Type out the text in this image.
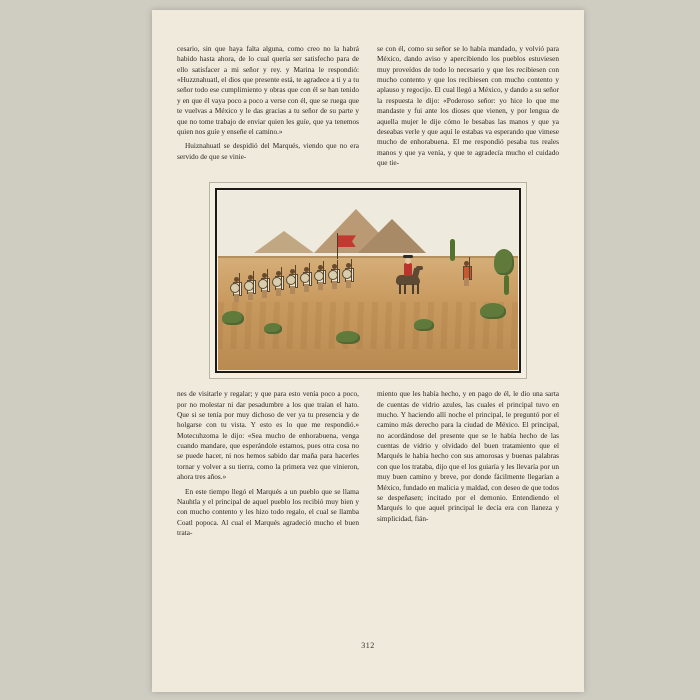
cesario, sin que haya falta alguna, como creo no la habrá habido hasta ahora, de lo cual quería ser satisfecho para de ello satisfacer a mi señor y rey. y Marina le respondió: «Huzznahuatl, el dios que presente está, te agradece a ti y a tu señor todo ese cumplimiento y obras que con él se han tenido y en que él vaya poco a poco a verse con él, que se ruega que te vuelvas a México y le das gracias a tu señor de su parte y que no tome trabajo de enviar quien les guíe, que ya tenemos quien nos guíe y enseñe el camino.»

Huiznahuatl se despidió del Marqués, viendo que no era servido de que se vinie-

se con él, como su señor se lo había mandado, y volvió para México, dando aviso y apercibiendo los pueblos estuviesen muy proveídos de todo lo necesario y que les recibiesen con mucho contento y que los recibiesen con mucho contento y aplauso y regocijo. El cual llegó a México, y dando a su señor la respuesta le dijo: «Poderoso señor: yo hice lo que me mandaste y fui ante los dioses que vienen, y por lengua de aquella mujer le dije cómo le besabas las manos y que ya deseabas verle y que aquí le estabas va esperando que vimese mucho de enhorabuena. El me respondió pesaba tus reales manos y que ya venía, y que te agradecía mucho el cuidado que tie-

nes de visitarle y regalar; y que para esto venía poco a poco, por no molestar ni dar pesadumbre a los que traían el hato. Que si se tenía por muy dichoso de ver ya tu presencia y de holgarse con tu vista. Y esto es lo que me respondió.» Motecuhzoma le dijo: «Sea mucho de enhorabuena, venga cuando mandare, que esperándole estamos, pues otra cosa no se puede hacer, ni nos hemos sabido dar maña para hacerles tornar y volver a su tierra, como la primera vez que vinieron, ahora tres años.»

En este tiempo llegó el Marqués a un pueblo que se llama Nauhtla y el principal de aquel pueblo los recibió muy bien y con mucho contento y les hizo todo regalo, el cual se llamba Coatl popoca. Al cual el Marqués agradeció mucho el buen trata-

miento que les había hecho, y en pago de él, le dio una sarta de cuentas de vidrio azules, las cuales el principal tuvo en mucho. Y haciendo allí noche el principal, le preguntó por el camino más derecho para la ciudad de México. El principal, no acordándose del presente que se le había hecho de las cuentas de vidrio y olvidado del buen tratamiento que el Marqués le había hecho con sus amorosas y buenas palabras con que los trataba, dijo que el los guiaría y les llevaría por un muy buen camino y breve, por donde fácilmente llegarían a México, fundado en malicia y maldad, con deseo de que todos se despeñasen; incitado por el demonio. Entendiendo el Marqués lo que aquel principal le decía era con llaneza y simplicidad, fián-

312
